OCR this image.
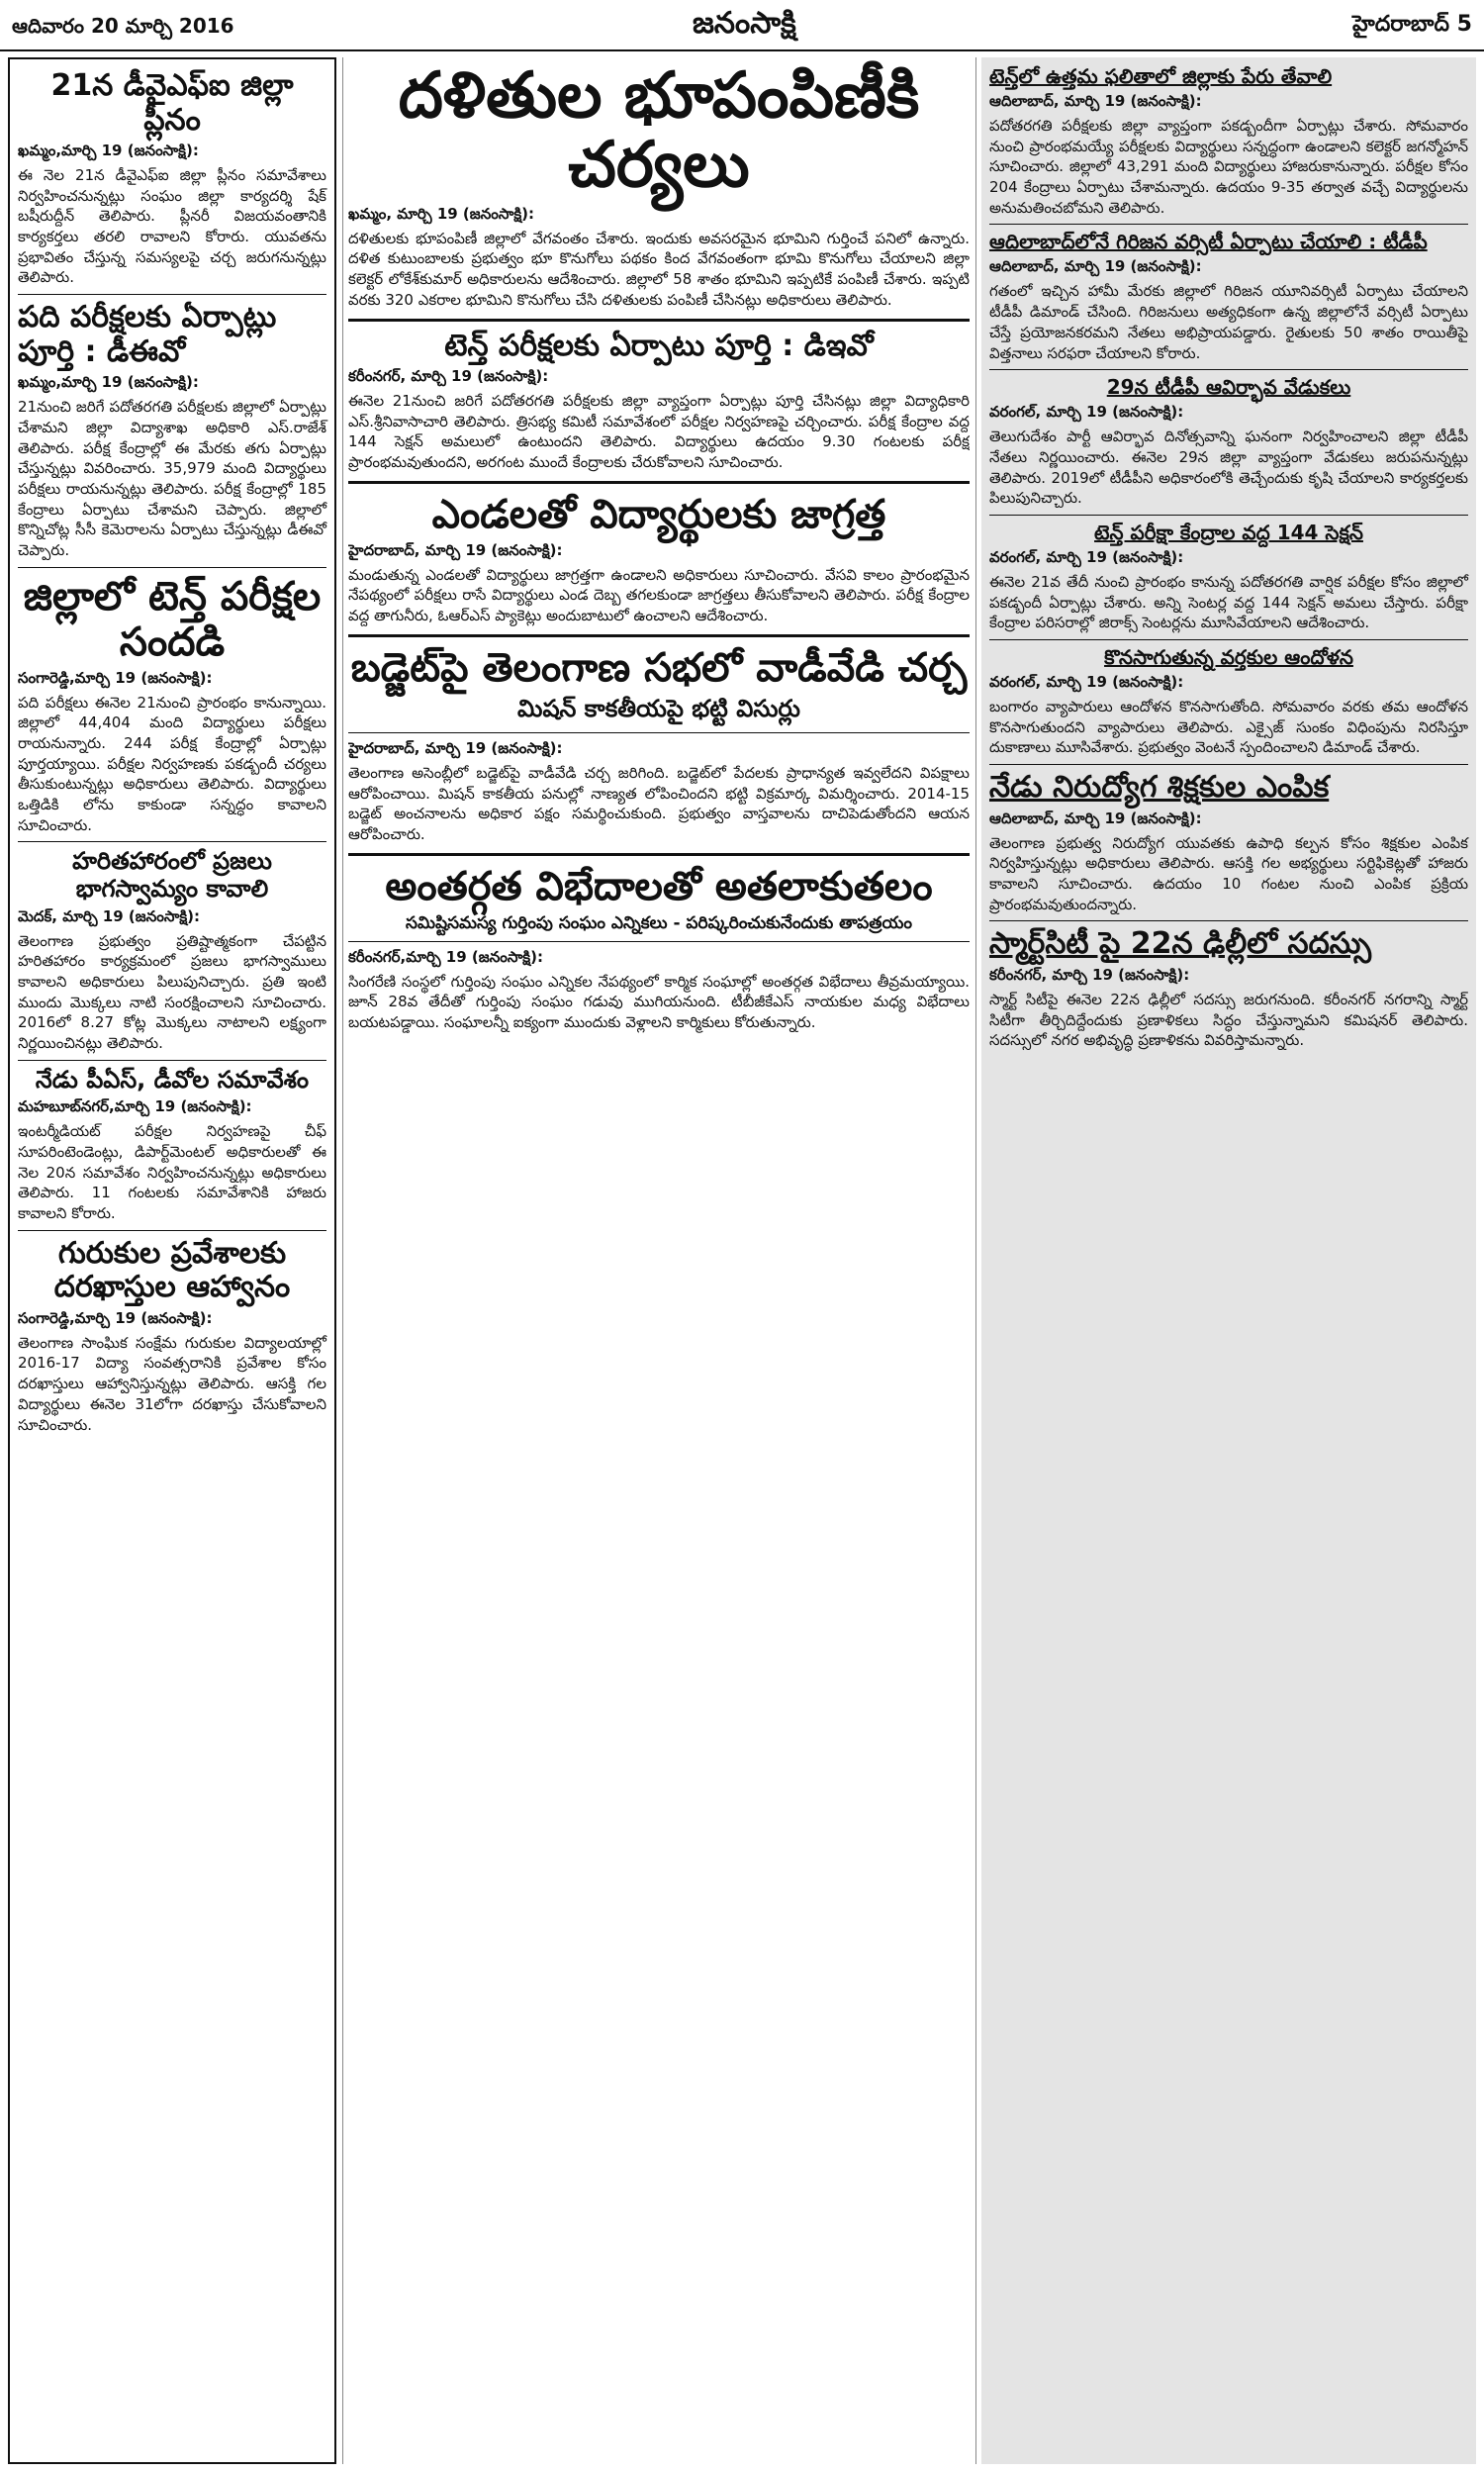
ఆదివారం 20 మార్చి 2016	జనంసాక్షి	హైదరాబాద్ 5
21న డీవైఎఫ్ఐ జిల్లా ప్లీనం
ఖమ్మం,మార్చి 19 (జనంసాక్షి):
ఈ నెల 21న డీవైఎఫ్ఐ జిల్లా ప్లీనం సమావేశాలు నిర్వహించనున్నట్లు సంఘం జిల్లా కార్యదర్శి షేక్ బషీరుద్దీన్ తెలిపారు. ప్లీనరీ విజయవంతానికి కార్యకర్తలు తరలి రావాలని కోరారు. యువతను ప్రభావితం చేస్తున్న సమస్యలపై చర్చ జరుగనున్నట్లు తెలిపారు.
పది పరీక్షలకు ఏర్పాట్లు పూర్తి : డీఈవో
ఖమ్మం,మార్చి 19 (జనంసాక్షి):
21నుంచి జరిగే పదోతరగతి పరీక్షలకు జిల్లాలో ఏర్పాట్లు చేశామని జిల్లా విద్యాశాఖ అధికారి ఎస్.రాజేశ్ తెలిపారు. పరీక్ష కేంద్రాల్లో ఈ మేరకు తగు ఏర్పాట్లు చేస్తున్నట్లు వివరించారు. 35,979 మంది విద్యార్థులు పరీక్షలు రాయనున్నట్లు తెలిపారు. పరీక్ష కేంద్రాల్లో 185 కేంద్రాలు ఏర్పాటు చేశామని చెప్పారు. జిల్లాలో కొన్నిచోట్ల సీసీ కెమెరాలను ఏర్పాటు చేస్తున్నట్లు డీఈవో చెప్పారు.
జిల్లాలో టెన్త్ పరీక్షల సందడి
సంగారెడ్డి,మార్చి 19 (జనంసాక్షి):
పది పరీక్షలు ఈనెల 21నుంచి ప్రారంభం కానున్నాయి. జిల్లాలో 44,404 మంది విద్యార్థులు పరీక్షలు రాయనున్నారు. 244 పరీక్ష కేంద్రాల్లో ఏర్పాట్లు పూర్తయ్యాయి. పరీక్షల నిర్వహణకు పకడ్బందీ చర్యలు తీసుకుంటున్నట్లు అధికారులు తెలిపారు. విద్యార్థులు ఒత్తిడికి లోను కాకుండా సన్నద్ధం కావాలని సూచించారు.
హరితహారంలో ప్రజలు భాగస్వామ్యం కావాలి
మెదక్, మార్చి 19 (జనంసాక్షి):
తెలంగాణ ప్రభుత్వం ప్రతిష్టాత్మకంగా చేపట్టిన హరితహారం కార్యక్రమంలో ప్రజలు భాగస్వాములు కావాలని అధికారులు పిలుపునిచ్చారు. ప్రతి ఇంటి ముందు మొక్కలు నాటి సంరక్షించాలని సూచించారు. 2016లో 8.27 కోట్ల మొక్కలు నాటాలని లక్ష్యంగా నిర్ణయించినట్లు తెలిపారు.
నేడు పీఏస్, డీవోల సమావేశం
మహబూబ్‌నగర్,మార్చి 19 (జనంసాక్షి):
ఇంటర్మీడియట్ పరీక్షల నిర్వహణపై చీఫ్ సూపరింటెండెంట్లు, డిపార్ట్‌మెంటల్ అధికారులతో ఈ నెల 20న సమావేశం నిర్వహించనున్నట్లు అధికారులు తెలిపారు. 11 గంటలకు సమావేశానికి హాజరు కావాలని కోరారు.
గురుకుల ప్రవేశాలకు దరఖాస్తుల ఆహ్వానం
సంగారెడ్డి,మార్చి 19 (జనంసాక్షి):
తెలంగాణ సాంఘిక సంక్షేమ గురుకుల విద్యాలయాల్లో 2016-17 విద్యా సంవత్సరానికి ప్రవేశాల కోసం దరఖాస్తులు ఆహ్వానిస్తున్నట్లు తెలిపారు. ఆసక్తి గల విద్యార్థులు ఈనెల 31లోగా దరఖాస్తు చేసుకోవాలని సూచించారు.
దళితుల భూపంపిణీకి చర్యలు
ఖమ్మం, మార్చి 19 (జనంసాక్షి):
దళితులకు భూపంపిణీ జిల్లాలో వేగవంతం చేశారు. ఇందుకు అవసరమైన భూమిని గుర్తించే పనిలో ఉన్నారు. దళిత కుటుంబాలకు ప్రభుత్వం భూ కొనుగోలు పథకం కింద వేగవంతంగా భూమి కొనుగోలు చేయాలని జిల్లా కలెక్టర్ లోకేశ్‌కుమార్ అధికారులను ఆదేశించారు. జిల్లాలో 58 శాతం భూమిని ఇప్పటికే పంపిణీ చేశారు. ఇప్పటి వరకు 320 ఎకరాల భూమిని కొనుగోలు చేసి దళితులకు పంపిణీ చేసినట్లు అధికారులు తెలిపారు.
టెన్త్ పరీక్షలకు ఏర్పాటు పూర్తి : డిఇవో
కరీంనగర్, మార్చి 19 (జనంసాక్షి):
ఈనెల 21నుంచి జరిగే పదోతరగతి పరీక్షలకు జిల్లా వ్యాప్తంగా ఏర్పాట్లు పూర్తి చేసినట్లు జిల్లా విద్యాధికారి ఎస్.శ్రీనివాసాచారి తెలిపారు. త్రిసభ్య కమిటీ సమావేశంలో పరీక్షల నిర్వహణపై చర్చించారు. పరీక్ష కేంద్రాల వద్ద 144 సెక్షన్ అమలులో ఉంటుందని తెలిపారు. విద్యార్థులు ఉదయం 9.30 గంటలకు పరీక్ష ప్రారంభమవుతుందని, అరగంట ముందే కేంద్రాలకు చేరుకోవాలని సూచించారు.
ఎండలతో విద్యార్థులకు జాగ్రత్త
హైదరాబాద్, మార్చి 19 (జనంసాక్షి):
మండుతున్న ఎండలతో విద్యార్థులు జాగ్రత్తగా ఉండాలని అధికారులు సూచించారు. వేసవి కాలం ప్రారంభమైన నేపథ్యంలో పరీక్షలు రాసే విద్యార్థులు ఎండ దెబ్బ తగలకుండా జాగ్రత్తలు తీసుకోవాలని తెలిపారు. పరీక్ష కేంద్రాల వద్ద తాగునీరు, ఓఆర్ఎస్ ప్యాకెట్లు అందుబాటులో ఉంచాలని ఆదేశించారు.
బడ్జెట్‌పై తెలంగాణ సభలో వాడీవేడి చర్చ
మిషన్ కాకతీయపై భట్టి విసుర్లు
హైదరాబాద్, మార్చి 19 (జనంసాక్షి):
తెలంగాణ అసెంబ్లీలో బడ్జెట్‌పై వాడీవేడి చర్చ జరిగింది. బడ్జెట్‌లో పేదలకు ప్రాధాన్యత ఇవ్వలేదని విపక్షాలు ఆరోపించాయి. మిషన్ కాకతీయ పనుల్లో నాణ్యత లోపించిందని భట్టి విక్రమార్క విమర్శించారు. 2014-15 బడ్జెట్ అంచనాలను అధికార పక్షం సమర్థించుకుంది. ప్రభుత్వం వాస్తవాలను దాచిపెడుతోందని ఆయన ఆరోపించారు.
అంతర్గత విభేదాలతో అతలాకుతలం
సమిష్టిసమస్య గుర్తింపు సంఘం ఎన్నికలు - పరిష్కరించుకునేందుకు తాపత్రయం
కరీంనగర్,మార్చి 19 (జనంసాక్షి):
సింగరేణి సంస్థలో గుర్తింపు సంఘం ఎన్నికల నేపథ్యంలో కార్మిక సంఘాల్లో అంతర్గత విభేదాలు తీవ్రమయ్యాయి. జూన్ 28వ తేదీతో గుర్తింపు సంఘం గడువు ముగియనుంది. టీబీజీకేఎస్ నాయకుల మధ్య విభేదాలు బయటపడ్డాయి. సంఘాలన్నీ ఐక్యంగా ముందుకు వెళ్లాలని కార్మికులు కోరుతున్నారు.
టెన్త్‌లో ఉత్తమ ఫలితాలో జిల్లాకు పేరు తేవాలి
ఆదిలాబాద్, మార్చి 19 (జనంసాక్షి):
పదోతరగతి పరీక్షలకు జిల్లా వ్యాప్తంగా పకడ్బందీగా ఏర్పాట్లు చేశారు. సోమవారం నుంచి ప్రారంభమయ్యే పరీక్షలకు విద్యార్థులు సన్నద్ధంగా ఉండాలని కలెక్టర్ జగన్మోహన్ సూచించారు. జిల్లాలో 43,291 మంది విద్యార్థులు హాజరుకానున్నారు. పరీక్షల కోసం 204 కేంద్రాలు ఏర్పాటు చేశామన్నారు. ఉదయం 9-35 తర్వాత వచ్చే విద్యార్థులను అనుమతించబోమని తెలిపారు.
ఆదిలాబాద్‌లోనే గిరిజన వర్సిటీ ఏర్పాటు చేయాలి : టీడీపీ
ఆదిలాబాద్, మార్చి 19 (జనంసాక్షి):
గతంలో ఇచ్చిన హామీ మేరకు జిల్లాలో గిరిజన యూనివర్సిటీ ఏర్పాటు చేయాలని టీడీపీ డిమాండ్ చేసింది. గిరిజనులు అత్యధికంగా ఉన్న జిల్లాలోనే వర్సిటీ ఏర్పాటు చేస్తే ప్రయోజనకరమని నేతలు అభిప్రాయపడ్డారు. రైతులకు 50 శాతం రాయితీపై విత్తనాలు సరఫరా చేయాలని కోరారు.
29న టీడీపీ ఆవిర్భావ వేడుకలు
వరంగల్, మార్చి 19 (జనంసాక్షి):
తెలుగుదేశం పార్టీ ఆవిర్భావ దినోత్సవాన్ని ఘనంగా నిర్వహించాలని జిల్లా టీడీపీ నేతలు నిర్ణయించారు. ఈనెల 29న జిల్లా వ్యాప్తంగా వేడుకలు జరుపనున్నట్లు తెలిపారు. 2019లో టీడీపీని అధికారంలోకి తెచ్చేందుకు కృషి చేయాలని కార్యకర్తలకు పిలుపునిచ్చారు.
టెన్త్ పరీక్షా కేంద్రాల వద్ద 144 సెక్షన్
వరంగల్, మార్చి 19 (జనంసాక్షి):
ఈనెల 21వ తేదీ నుంచి ప్రారంభం కానున్న పదోతరగతి వార్షిక పరీక్షల కోసం జిల్లాలో పకడ్బందీ ఏర్పాట్లు చేశారు. అన్ని సెంటర్ల వద్ద 144 సెక్షన్ అమలు చేస్తారు. పరీక్షా కేంద్రాల పరిసరాల్లో జిరాక్స్ సెంటర్లను మూసివేయాలని ఆదేశించారు.
కొనసాగుతున్న వర్తకుల ఆందోళన
వరంగల్, మార్చి 19 (జనంసాక్షి):
బంగారం వ్యాపారులు ఆందోళన కొనసాగుతోంది. సోమవారం వరకు తమ ఆందోళన కొనసాగుతుందని వ్యాపారులు తెలిపారు. ఎక్సైజ్ సుంకం విధింపును నిరసిస్తూ దుకాణాలు మూసివేశారు. ప్రభుత్వం వెంటనే స్పందించాలని డిమాండ్ చేశారు.
నేడు నిరుద్యోగ శిక్షకుల ఎంపిక
ఆదిలాబాద్, మార్చి 19 (జనంసాక్షి):
తెలంగాణ ప్రభుత్వ నిరుద్యోగ యువతకు ఉపాధి కల్పన కోసం శిక్షకుల ఎంపిక నిర్వహిస్తున్నట్లు అధికారులు తెలిపారు. ఆసక్తి గల అభ్యర్థులు సర్టిఫికెట్లతో హాజరు కావాలని సూచించారు. ఉదయం 10 గంటల నుంచి ఎంపిక ప్రక్రియ ప్రారంభమవుతుందన్నారు.
స్మార్ట్‌సిటీ పై 22న ఢిల్లీలో సదస్సు
కరీంనగర్, మార్చి 19 (జనంసాక్షి):
స్మార్ట్ సిటీపై ఈనెల 22న ఢిల్లీలో సదస్సు జరుగనుంది. కరీంనగర్ నగరాన్ని స్మార్ట్ సిటీగా తీర్చిదిద్దేందుకు ప్రణాళికలు సిద్ధం చేస్తున్నామని కమిషనర్ తెలిపారు. సదస్సులో నగర అభివృద్ధి ప్రణాళికను వివరిస్తామన్నారు.
